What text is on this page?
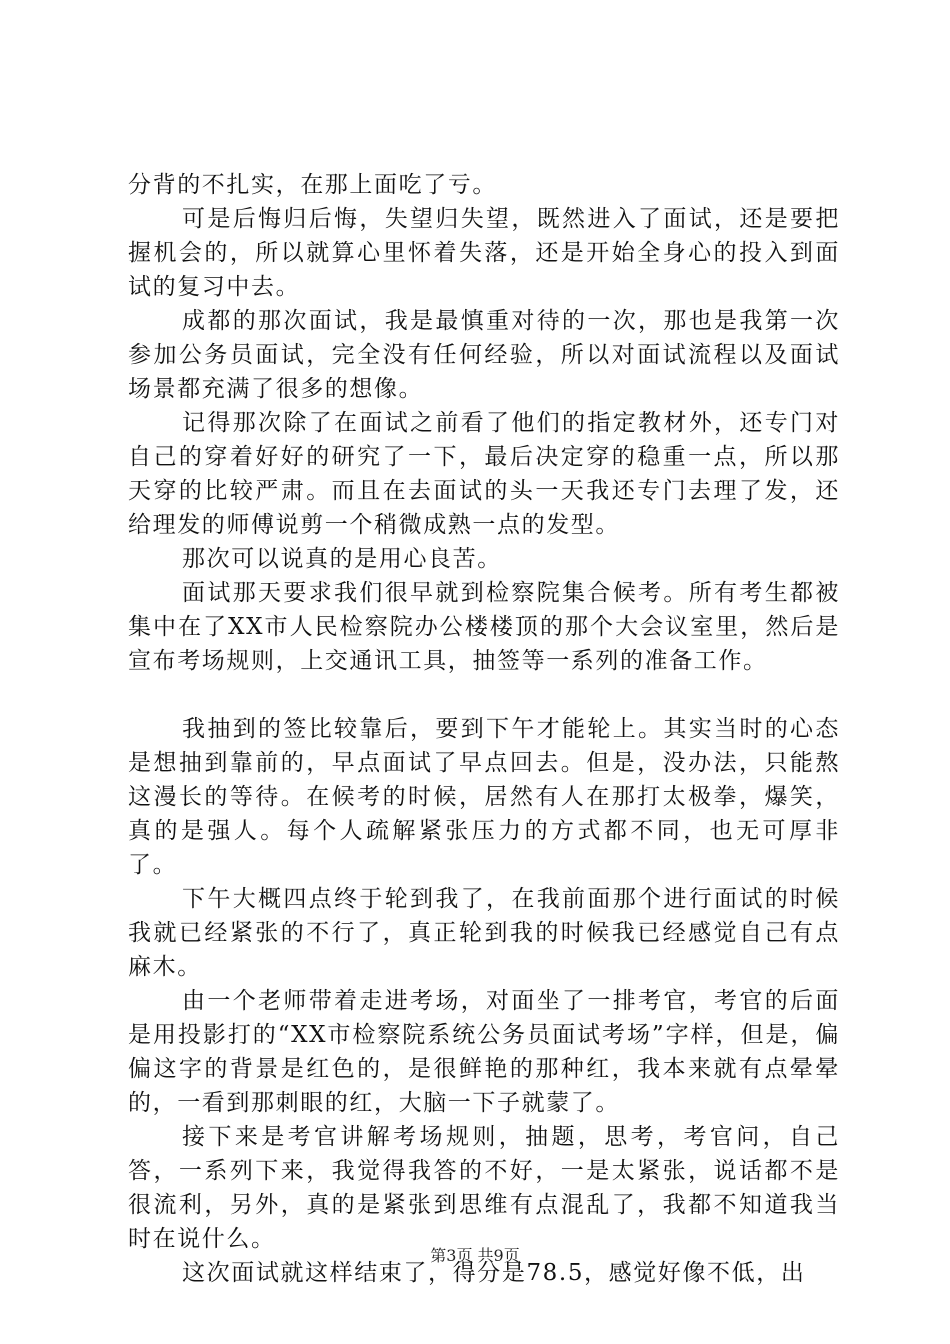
分背的不扎实，在那上面吃了亏。

可是后悔归后悔，失望归失望，既然进入了面试，还是要把握机会的，所以就算心里怀着失落，还是开始全身心的投入到面试的复习中去。

成都的那次面试，我是最慎重对待的一次，那也是我第一次参加公务员面试，完全没有任何经验，所以对面试流程以及面试场景都充满了很多的想像。

记得那次除了在面试之前看了他们的指定教材外，还专门对自己的穿着好好的研究了一下，最后决定穿的稳重一点，所以那天穿的比较严肃。而且在去面试的头一天我还专门去理了发，还给理发的师傅说剪一个稍微成熟一点的发型。

那次可以说真的是用心良苦。

面试那天要求我们很早就到检察院集合候考。所有考生都被集中在了XX市人民检察院办公楼楼顶的那个大会议室里，然后是宣布考场规则，上交通讯工具，抽签等一系列的准备工作。

我抽到的签比较靠后，要到下午才能轮上。其实当时的心态是想抽到靠前的，早点面试了早点回去。但是，没办法，只能熬这漫长的等待。在候考的时候，居然有人在那打太极拳，爆笑，真的是强人。每个人疏解紧张压力的方式都不同，也无可厚非了。

下午大概四点终于轮到我了，在我前面那个进行面试的时候我就已经紧张的不行了，真正轮到我的时候我已经感觉自己有点麻木。

由一个老师带着走进考场，对面坐了一排考官，考官的后面是用投影打的“XX市检察院系统公务员面试考场”字样，但是，偏偏这字的背景是红色的，是很鲜艳的那种红，我本来就有点晕晕的，一看到那刺眼的红，大脑一下子就蒙了。

接下来是考官讲解考场规则，抽题，思考，考官问，自己答，一系列下来，我觉得我答的不好，一是太紧张，说话都不是很流利，另外，真的是紧张到思维有点混乱了，我都不知道我当时在说什么。

这次面试就这样结束了，得分是78.5，感觉好像不低，出

第3页 共9页
